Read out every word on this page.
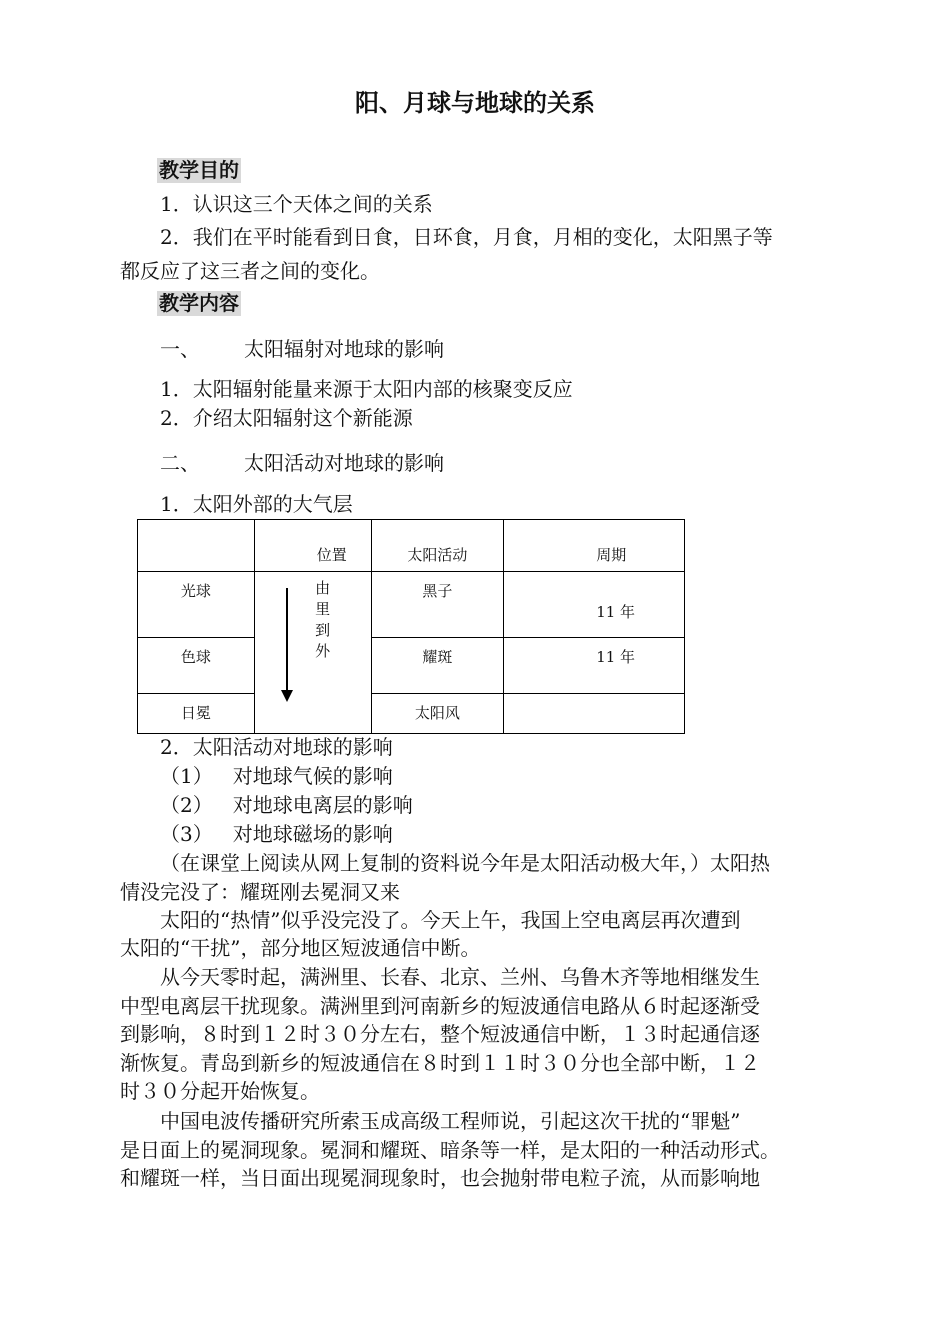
阳、月球与地球的关系
教学目的
1．认识这三个天体之间的关系
2．我们在平时能看到日食，日环食，月食，月相的变化，太阳黑子等
都反应了这三者之间的变化。
教学内容
一、 太阳辐射对地球的影响
1．太阳辐射能量来源于太阳内部的核聚变反应
2．介绍太阳辐射这个新能源
二、 太阳活动对地球的影响
1．太阳外部的大气层
	位置	太阳活动	周期

光球	由
里
到
外	黑子	11 年

色球		耀斑	11 年

日冕		太阳风	

2．太阳活动对地球的影响
（1） 对地球气候的影响
（2） 对地球电离层的影响
（3） 对地球磁场的影响
（在课堂上阅读从网上复制的资料说今年是太阳活动极大年，）太阳热
情没完没了：耀斑刚去冕洞又来
太阳的“热情”似乎没完没了。今天上午，我国上空电离层再次遭到
太阳的“干扰”，部分地区短波通信中断。
从今天零时起，满洲里、长春、北京、兰州、乌鲁木齐等地相继发生
中型电离层干扰现象。满洲里到河南新乡的短波通信电路从６时起逐渐受
到影响，８时到１２时３０分左右，整个短波通信中断，１３时起通信逐
渐恢复。青岛到新乡的短波通信在８时到１１时３０分也全部中断，１２
时３０分起开始恢复。
中国电波传播研究所索玉成高级工程师说，引起这次干扰的“罪魁”
是日面上的冕洞现象。冕洞和耀斑、暗条等一样，是太阳的一种活动形式。
和耀斑一样，当日面出现冕洞现象时，也会抛射带电粒子流，从而影响地
